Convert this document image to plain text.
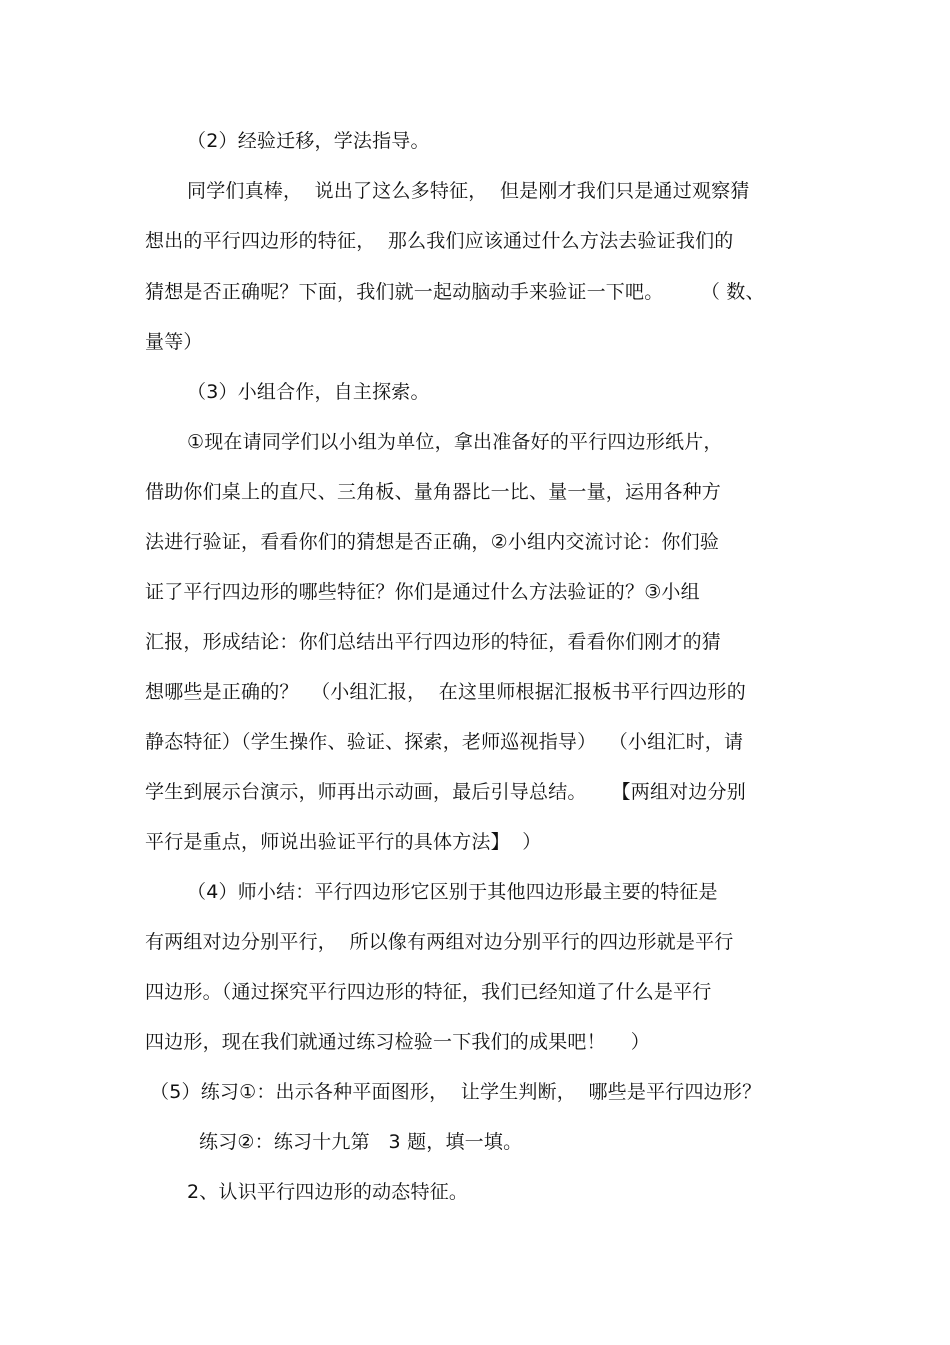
（2）经验迁移，学法指导。
同学们真棒，  说出了这么多特征，  但是刚才我们只是通过观察猜
想出的平行四边形的特征，  那么我们应该通过什么方法去验证我们的
猜想是否正确呢？下面，我们就一起动脑动手来验证一下吧。      （ 数、
量等）
（3）小组合作，自主探索。
①现在请同学们以小组为单位，拿出准备好的平行四边形纸片，
借助你们桌上的直尺、三角板、量角器比一比、量一量，运用各种方
法进行验证，看看你们的猜想是否正确，②小组内交流讨论：你们验
证了平行四边形的哪些特征？你们是通过什么方法验证的？③小组
汇报，形成结论：你们总结出平行四边形的特征，看看你们刚才的猜
想哪些是正确的？  （小组汇报，  在这里师根据汇报板书平行四边形的
静态特征）（学生操作、验证、探索，老师巡视指导）  （小组汇时，请
学生到展示台演示，师再出示动画，最后引导总结。    【两组对边分别
平行是重点，师说出验证平行的具体方法】  ）
（4）师小结：平行四边形它区别于其他四边形最主要的特征是
有两组对边分别平行，  所以像有两组对边分别平行的四边形就是平行
四边形。（通过探究平行四边形的特征，我们已经知道了什么是平行
四边形，现在我们就通过练习检验一下我们的成果吧！    ）
（5）练习①：出示各种平面图形，  让学生判断，  哪些是平行四边形？
练习②：练习十九第   3 题，填一填。
2、认识平行四边形的动态特征。
